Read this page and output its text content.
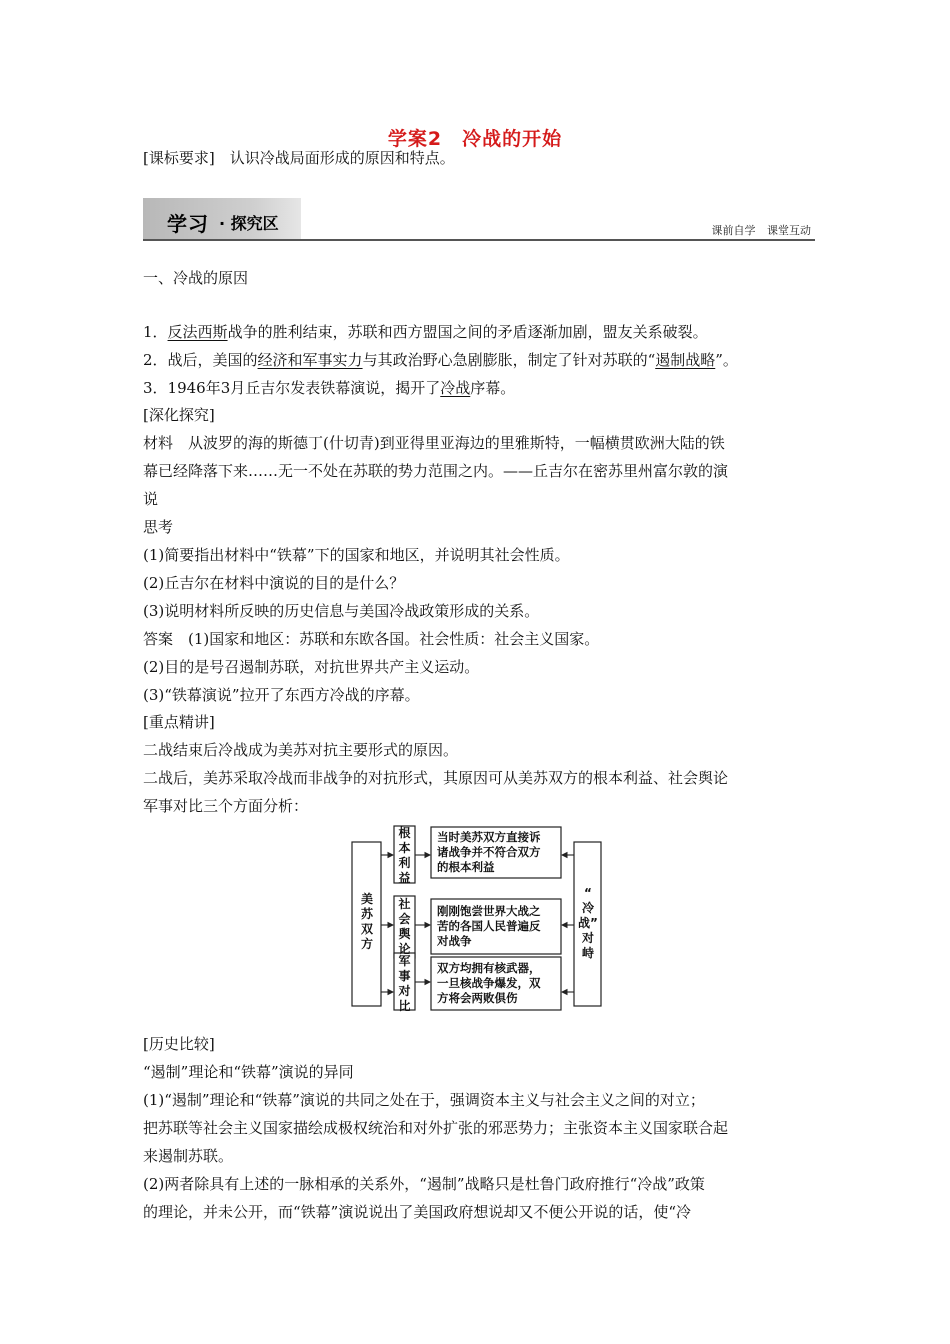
学案2　冷战的开始
[课标要求]　认识冷战局面形成的原因和特点。
学习 · 探究区	课前自学 课堂互动
一、冷战的原因
1．反法西斯战争的胜利结束，苏联和西方盟国之间的矛盾逐渐加剧，盟友关系破裂。
2．战后，美国的经济和军事实力与其政治野心急剧膨胀，制定了针对苏联的“遏制战略”。
3．1946年3月丘吉尔发表铁幕演说，揭开了冷战序幕。
[深化探究]
材料　从波罗的海的斯德丁(什切青)到亚得里亚海边的里雅斯特，一幅横贯欧洲大陆的铁
幕已经降落下来……无一不处在苏联的势力范围之内。——丘吉尔在密苏里州富尔敦的演
说
思考
(1)简要指出材料中“铁幕”下的国家和地区，并说明其社会性质。
(2)丘吉尔在材料中演说的目的是什么？
(3)说明材料所反映的历史信息与美国冷战政策形成的关系。
答案　(1)国家和地区：苏联和东欧各国。社会性质：社会主义国家。
(2)目的是号召遏制苏联，对抗世界共产主义运动。
(3)“铁幕演说”拉开了东西方冷战的序幕。
[重点精讲]
二战结束后冷战成为美苏对抗主要形式的原因。
二战后，美苏采取冷战而非战争的对抗形式，其原因可从美苏双方的根本利益、社会舆论
军事对比三个方面分析：
美
苏
双
方
“
冷
战”
对
峙
根
本
利
益
社
会
舆
论
军
事
对
比
当时美苏双方直接诉
诸战争并不符合双方
的根本利益
刚刚饱尝世界大战之
苦的各国人民普遍反
对战争
双方均拥有核武器，
一旦核战争爆发，双
方将会两败俱伤
[历史比较]
“遏制”理论和“铁幕”演说的异同
(1)“遏制”理论和“铁幕”演说的共同之处在于，强调资本主义与社会主义之间的对立；
把苏联等社会主义国家描绘成极权统治和对外扩张的邪恶势力；主张资本主义国家联合起
来遏制苏联。
(2)两者除具有上述的一脉相承的关系外，“遏制”战略只是杜鲁门政府推行“冷战”政策
的理论，并未公开，而“铁幕”演说说出了美国政府想说却又不便公开说的话，使“冷
